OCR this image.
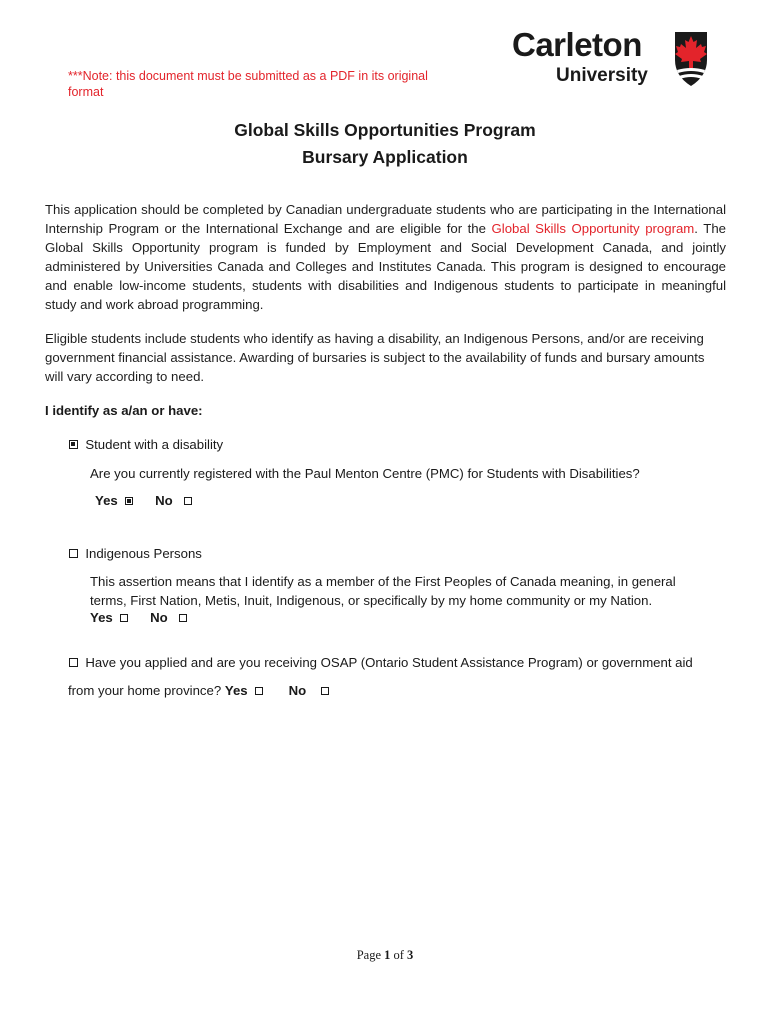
***Note: this document must be submitted as a PDF in its original format
Carleton
University
Global Skills Opportunities Program
Bursary Application
This application should be completed by Canadian undergraduate students who are participating in the International Internship Program or the International Exchange and are eligible for the Global Skills Opportunity program. The Global Skills Opportunity program is funded by Employment and Social Development Canada, and jointly administered by Universities Canada and Colleges and Institutes Canada. This program is designed to encourage and enable low-income students, students with disabilities and Indigenous students to participate in meaningful study and work abroad programming.
Eligible students include students who identify as having a disability, an Indigenous Persons, and/or are receiving government financial assistance. Awarding of bursaries is subject to the availability of funds and bursary amounts will vary according to need.
I identify as a/an or have:
Student with a disability
Are you currently registered with the Paul Menton Centre (PMC) for Students with Disabilities?
Yes	No
Indigenous Persons
This assertion means that I identify as a member of the First Peoples of Canada meaning, in general
terms, First Nation, Metis, Inuit, Indigenous, or specifically by my home community or my Nation.
Yes	No
Have you applied and are you receiving OSAP (Ontario Student Assistance Program) or government aid
from your home province? Yes	No
Page 1 of 3
